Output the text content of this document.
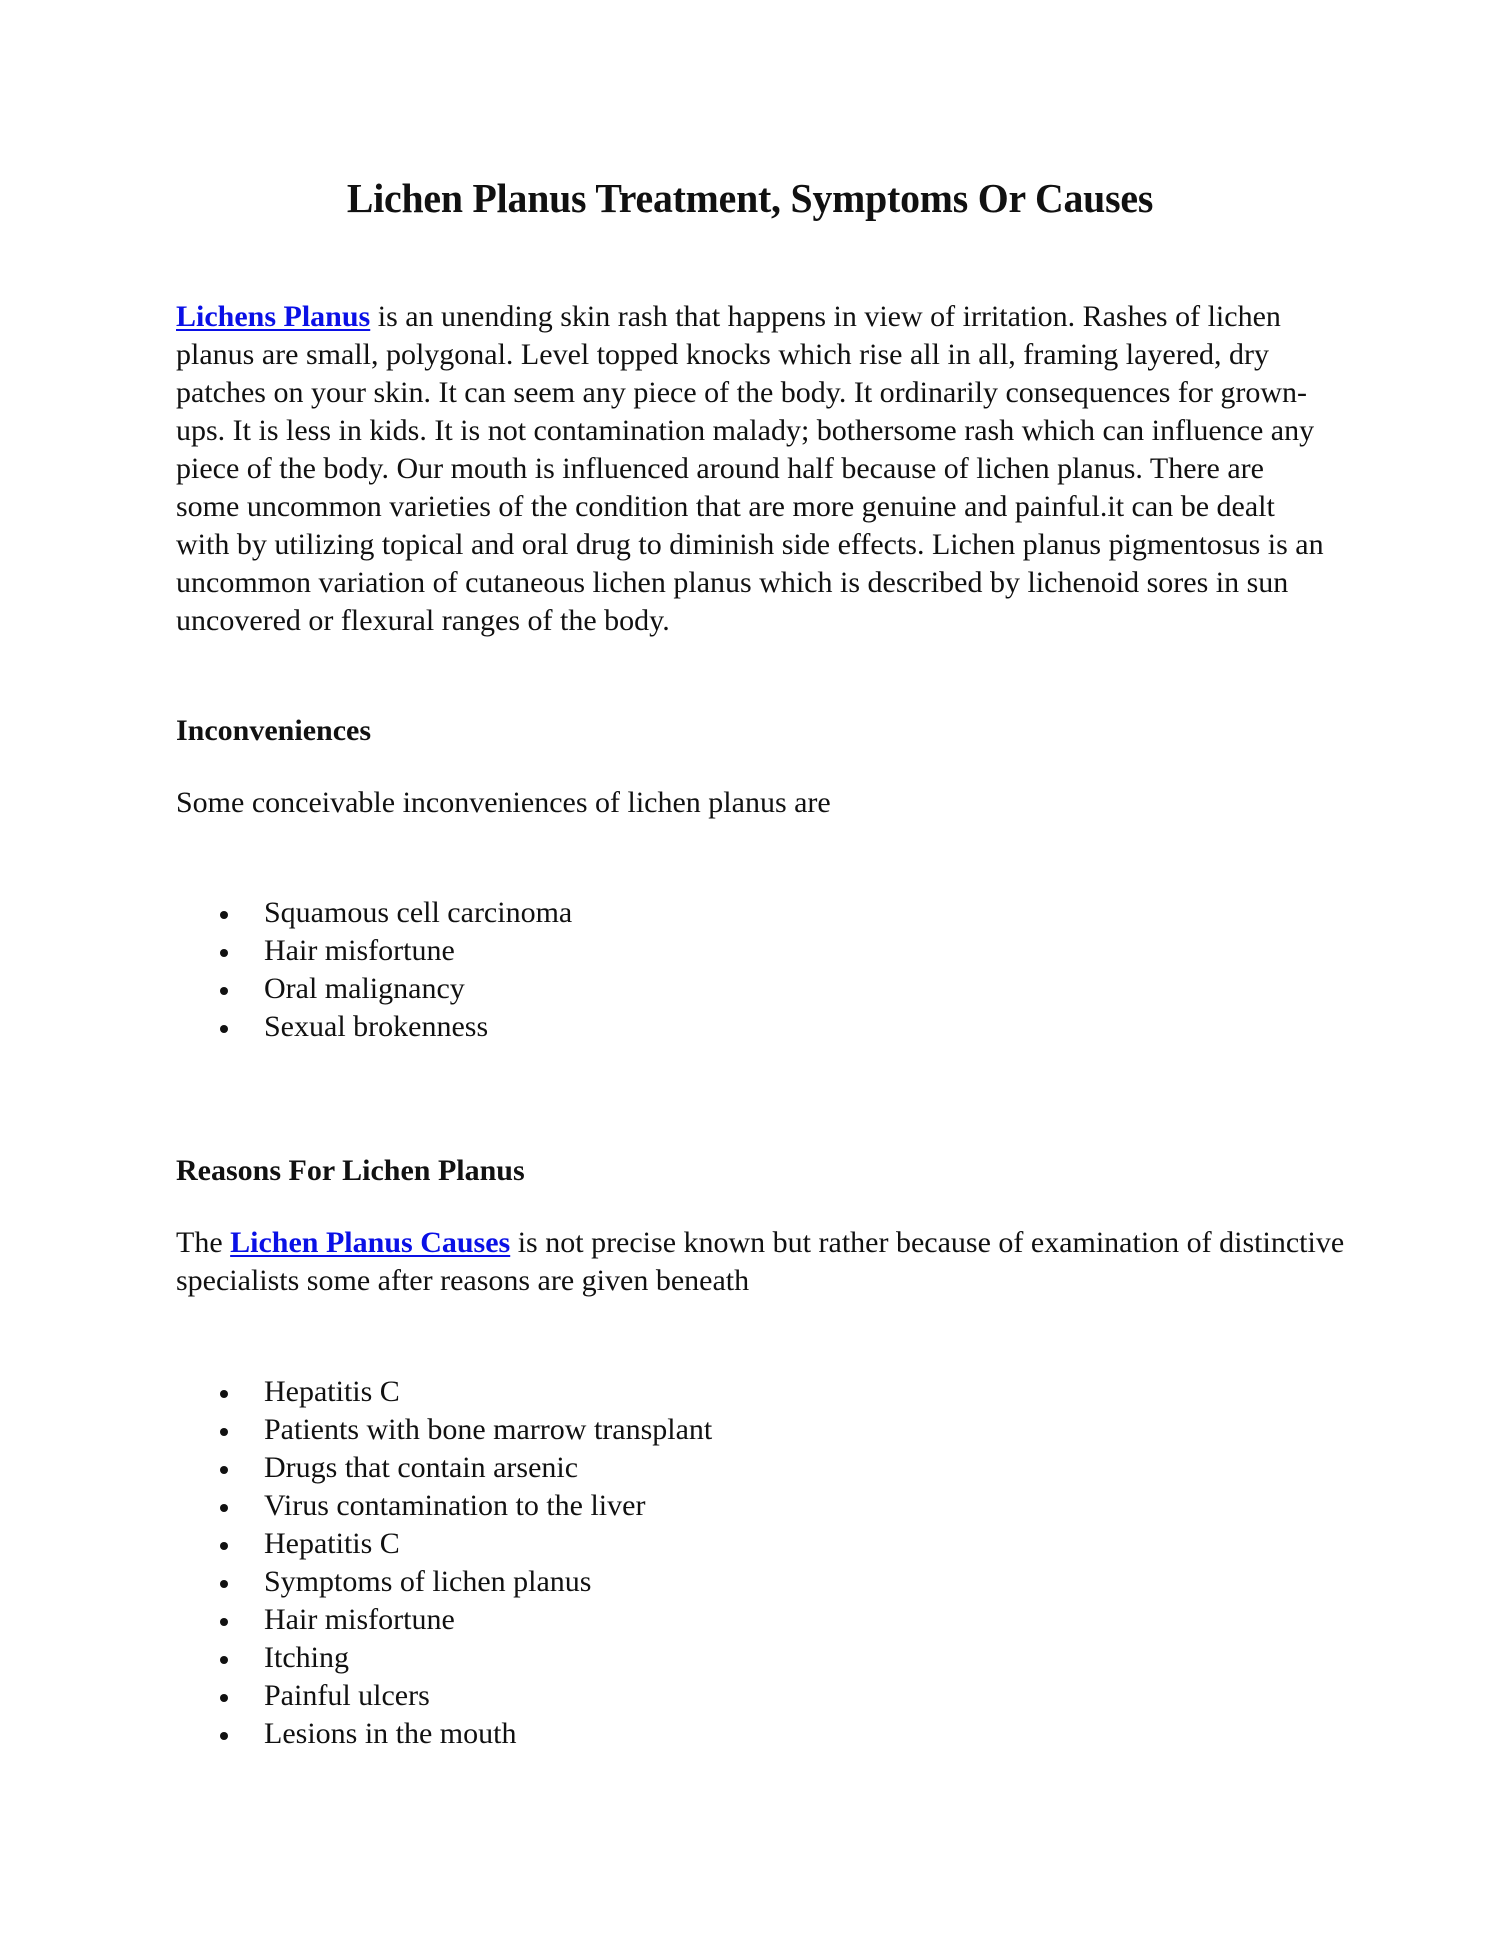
Lichen Planus Treatment, Symptoms Or Causes

Lichens Planus is an unending skin rash that happens in view of irritation. Rashes of lichen planus are small, polygonal. Level topped knocks which rise all in all, framing layered, dry patches on your skin. It can seem any piece of the body. It ordinarily consequences for grown-ups. It is less in kids. It is not contamination malady; bothersome rash which can influence any piece of the body. Our mouth is influenced around half because of lichen planus. There are some uncommon varieties of the condition that are more genuine and painful.it can be dealt with by utilizing topical and oral drug to diminish side effects. Lichen planus pigmentosus is an uncommon variation of cutaneous lichen planus which is described by lichenoid sores in sun uncovered or flexural ranges of the body.

Inconveniences

Some conceivable inconveniences of lichen planus are

Squamous cell carcinoma
Hair misfortune
Oral malignancy
Sexual brokenness
Reasons For Lichen Planus

The Lichen Planus Causes is not precise known but rather because of examination of distinctive specialists some after reasons are given beneath

Hepatitis C
Patients with bone marrow transplant
Drugs that contain arsenic
Virus contamination to the liver
Hepatitis C
Symptoms of lichen planus
Hair misfortune
Itching
Painful ulcers
Lesions in the mouth
